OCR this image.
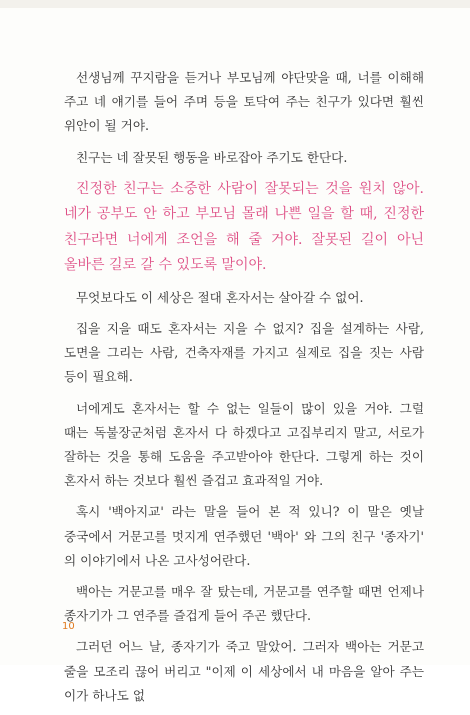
선생님께 꾸지람을 듣거나 부모님께 야단맞을 때, 너를 이해해 주고 네 얘기를 들어 주며 등을 토닥여 주는 친구가 있다면 훨씬 위안이 될 거야.

친구는 네 잘못된 행동을 바로잡아 주기도 한단다.

진정한 친구는 소중한 사람이 잘못되는 것을 원치 않아. 네가 공부도 안 하고 부모님 몰래 나쁜 일을 할 때, 진정한 친구라면 너에게 조언을 해 줄 거야. 잘못된 길이 아닌 올바른 길로 갈 수 있도록 말이야.

무엇보다도 이 세상은 절대 혼자서는 살아갈 수 없어.

집을 지을 때도 혼자서는 지을 수 없지? 집을 설계하는 사람, 도면을 그리는 사람, 건축자재를 가지고 실제로 집을 짓는 사람 등이 필요해.

너에게도 혼자서는 할 수 없는 일들이 많이 있을 거야. 그럴 때는 독불장군처럼 혼자서 다 하겠다고 고집부리지 말고, 서로가 잘하는 것을 통해 도움을 주고받아야 한단다. 그렇게 하는 것이 혼자서 하는 것보다 훨씬 즐겁고 효과적일 거야.

혹시 '백아지교' 라는 말을 들어 본 적 있니? 이 말은 옛날 중국에서 거문고를 멋지게 연주했던 '백아' 와 그의 친구 '종자기' 의 이야기에서 나온 고사성어란다.

백아는 거문고를 매우 잘 탔는데, 거문고를 연주할 때면 언제나 종자기가 그 연주를 즐겁게 들어 주곤 했단다.

그러던 어느 날, 종자기가 죽고 말았어. 그러자 백아는 거문고 줄을 모조리 끊어 버리고 "이제 이 세상에서 내 마음을 알아 주는 이가 하나도 없

10
